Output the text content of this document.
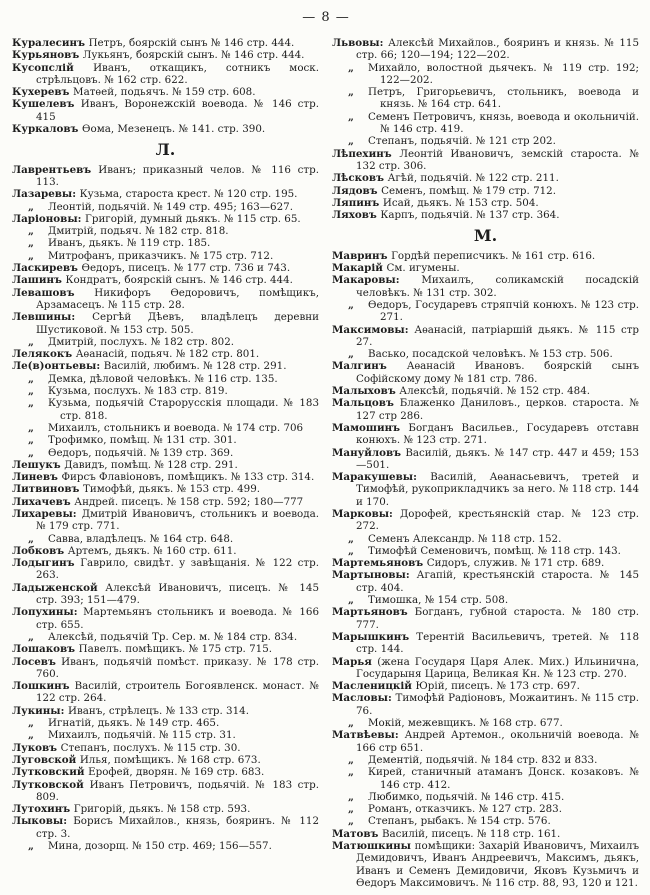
— 8 —
Куралесинъ Петръ, боярскій сынъ № 146 стр. 444.
Курьяновъ Лукьянъ, боярскій сынъ. № 146 стр. 444.
Кусопслій Иванъ, откащикъ, сотникъ моск. стрѣльцовъ. № 162 стр. 622.
Кухеревъ Матѳей, подьячъ. № 159 стр. 608.
Кушелевъ Иванъ, Воронежскій воевода. № 146 стр. 415
Куркаловъ Ѳома, Мезенецъ. № 141. стр. 390.
Л.
Лаврентьевъ Иванъ; приказный челов. № 116 стр. 113.
Лазаревы: Кузьма, староста крест. № 120 стр. 195.
„ Леонтій, подьячій. № 149 стр. 495; 163—627.
Ларіоновы: Григорій, думный дьякъ. № 115 стр. 65.
„ Дмитрій, подьяч. № 182 стр. 818.
„ Иванъ, дьякъ. № 119 стр. 185.
„ Митрофанъ, приказчикъ. № 175 стр. 712.
Ласкиревъ Ѳедоръ, писецъ. № 177 стр. 736 и 743.
Лашинъ Кондратъ, боярскій сынъ. № 146 стр. 444.
Левашовъ Никифоръ Ѳедоровичъ, помѣщикъ, Арзамасецъ. № 115 стр. 28.
Левшины: Сергѣй Дѣевъ, владѣлецъ деревни Шустиковой. № 153 стр. 505.
„ Дмитрій, послухъ. № 182 стр. 802.
Лелякокъ Аѳанасій, подьяч. № 182 стр. 801.
Ле(в)онтьевы: Василій, любимъ. № 128 стр. 291.
„ Демка, дѣловой человѣкъ. № 116 стр. 135.
„ Кузьма, послухъ. № 183 стр. 819.
„ Кузьма, подьячій Старорусскія площади. № 183 стр. 818.
„ Михаилъ, стольникъ и воевода. № 174 стр. 706
„ Трофимко, помѣщ. № 131 стр. 301.
„ Ѳедоръ, подьячій. № 139 стр. 369.
Лешукъ Давидъ, помѣщ. № 128 стр. 291.
Линевъ Фирсъ Флавіоновъ, помѣщикъ. № 133 стр. 314.
Литвиновъ Тимофѣй, дьякъ. № 153 стр. 499.
Лихачевъ Андрей. писецъ. № 158 стр. 592; 180—777
Лихаревы: Дмитрій Ивановичъ, стольникъ и воевода. № 179 стр. 771.
„ Савва, владѣлецъ. № 164 стр. 648.
Лобковъ Артемъ, дьякъ. № 160 стр. 611.
Лодыгинъ Гаврило, свидѣт. у завѣщанія. № 122 стр. 263.
Ладыженской Алексѣй Ивановичъ, писецъ. № 145 стр. 393; 151—479.
Лопухины: Мартемьянъ стольникъ и воевода. № 166 стр. 655.
„ Алексѣй, подьячій Тр. Сер. м. № 184 стр. 834.
Лошаковъ Павелъ. помѣщикъ. № 175 стр. 715.
Лосевъ Иванъ, подьячій помѣст. приказу. № 178 стр. 760.
Лошкинъ Василій, строитель Богоявленск. монаст. № 122 стр. 264.
Лукины: Иванъ, стрѣлецъ. № 133 стр. 314.
„ Игнатій, дьякъ. № 149 стр. 465.
„ Михаилъ, подьячій. № 115 стр. 31.
Луковъ Степанъ, послухъ. № 115 стр. 30.
Луговской Илья, помѣщикъ. № 168 стр. 673.
Лутковский Ерофей, дворян. № 169 стр. 683.
Лутковской Иванъ Петровичъ, подьячій. № 183 стр. 809.
Лутохинъ Григорій, дьякъ. № 158 стр. 593.
Лыковы: Борисъ Михайлов., князь, бояринъ. № 112 стр. 3.
„ Мина, дозорщ. № 150 стр. 469; 156—557.
Львовы: Алексѣй Михайлов., бояринъ и князь. № 115 стр. 66; 120—194; 122—202.
„ Михайло, волостной дьячекъ. № 119 стр. 192; 122—202.
„ Петръ, Григорьевичъ, стольникъ, воевода и князь. № 164 стр. 641.
„ Семенъ Петровичъ, князь, воевода и окольничій. № 146 стр. 419.
„ Степанъ, подьячій. № 121 стр 202.
Лѣпехинъ Леонтій Ивановичъ, земскій староста. № 132 стр. 306.
Лѣсковъ Агѣй, подьячій. № 122 стр. 211.
Лядовъ Семенъ, помѣщ. № 179 стр. 712.
Ляпинъ Исай, дьякъ. № 153 стр. 504.
Ляховъ Карпъ, подьячій. № 137 стр. 364.
М.
Мавринъ Гордѣй переписчикъ. № 161 стр. 616.
Макарій См. игумены.
Макаровы: Михаилъ, соликамскій посадскій человѣкъ. № 131 стр. 302.
„ Ѳедоръ, Государевъ стряпчій конюхъ. № 123 стр. 271.
Максимовы: Аѳанасій, патріаршій дьякъ. № 115 стр 27.
„ Васько, посадской человѣкъ. № 153 стр. 506.
Малгинъ Аѳанасій Ивановъ. боярскій сынъ Софійскому дому № 181 стр. 786.
Малыховъ Алексѣй, подьячій. № 152 стр. 484.
Мальцовъ Блаженко Даниловъ., церков. староста. № 127 стр 286.
Мамошинъ Богданъ Васильев., Государевъ отставн конюхъ. № 123 стр. 271.
Мануйловъ Василій, дьякъ. № 147 стр. 447 и 459; 153—501.
Маракушевы: Василій, Аѳанасьевичъ, третей и Тимофѣй, рукоприкладчикъ за него. № 118 стр. 144 и 170.
Марковы: Дорофей, крестьянскій стар. № 123 стр. 272.
„ Семенъ Александр. № 118 стр. 152.
„ Тимофѣй Семеновичъ, помѣщ. № 118 стр. 143.
Мартемьяновъ Сидоръ, служив. № 171 стр. 689.
Мартыновы: Агапій, крестьянскій староста. № 145 стр. 404.
„ Тимошка, № 154 стр. 508.
Мартьяновъ Богданъ, губной староста. № 180 стр. 777.
Марышкинъ Терентій Васильевичъ, третей. № 118 стр. 144.
Марья (жена Государя Царя Алек. Мих.) Ильинична, Государыня Царица, Великая Кн. № 123 стр. 270.
Масленицкій Юрій, писецъ. № 173 стр. 697.
Масловы: Тимофѣй Радіоновъ, Можаитинъ. № 115 стр. 76.
„ Мокій, межевщикъ. № 168 стр. 677.
Матвѣевы: Андрей Артемон., окольничій воевода. № 166 стр 651.
„ Дементій, подьячій. № 184 стр. 832 и 833.
„ Кирей, станичный атаманъ Донск. козаковъ. № 146 стр. 412.
„ Любимко, подьячій. № 146 стр. 415.
„ Романъ, отказчикъ. № 127 стр. 283.
„ Степанъ, рыбакъ. № 154 стр. 576.
Матовъ Василій, писецъ. № 118 стр. 161.
Матюшкины помѣщики: Захарій Ивановичъ, Михаилъ Демидовичъ, Иванъ Андреевичъ, Максимъ, дьякъ, Иванъ и Семенъ Демидовичи, Яковъ Кузьмичъ и Ѳедоръ Максимовичъ. № 116 стр. 88, 93, 120 и 121.
